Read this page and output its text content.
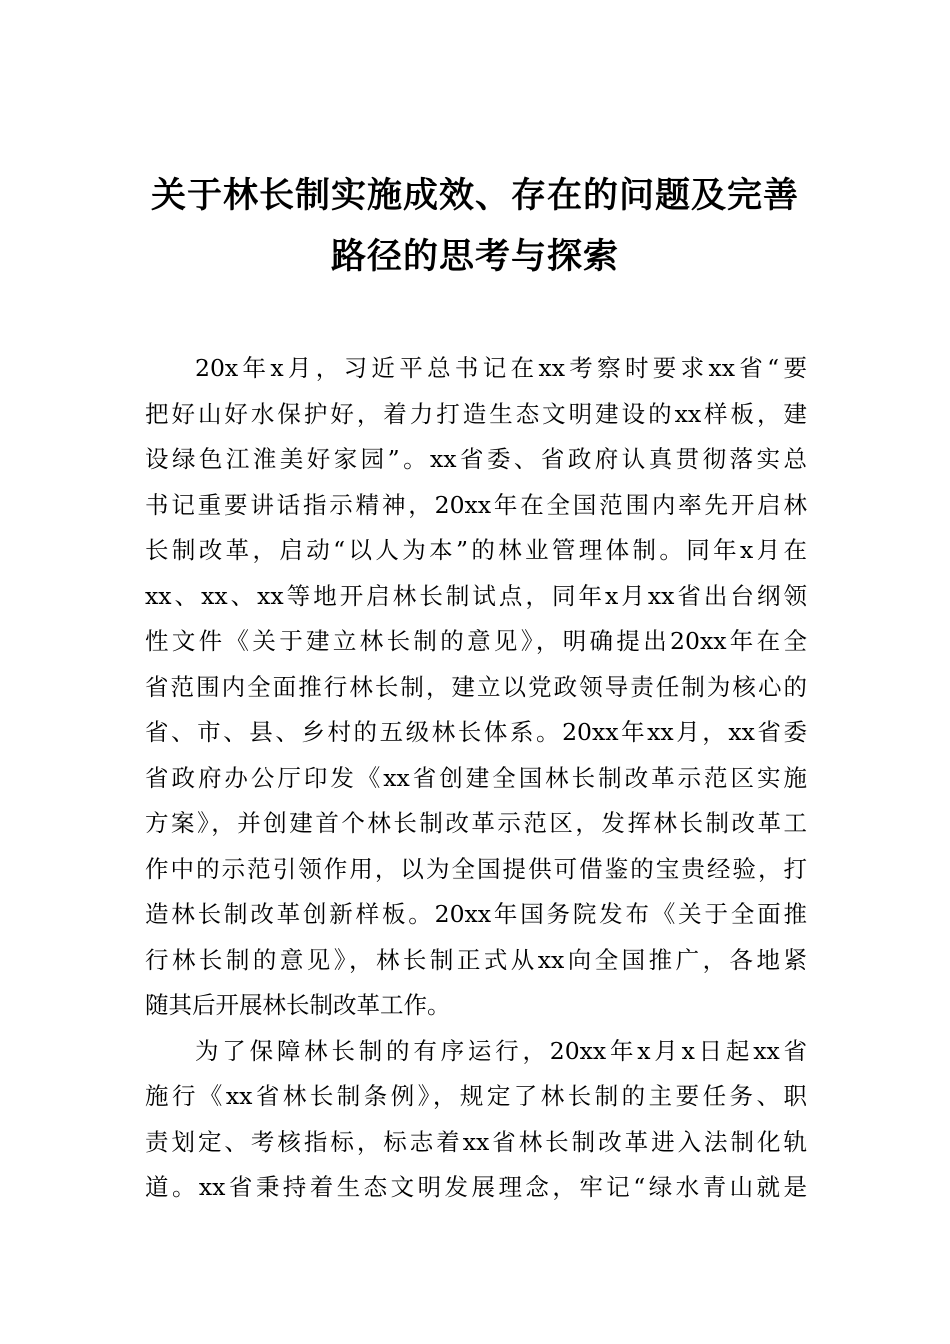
关于林长制实施成效、存在的问题及完善
路径的思考与探索
20x年x月，习近平总书记在xx考察时要求xx省“要
把好山好水保护好，着力打造生态文明建设的xx样板，建
设绿色江淮美好家园”。xx省委、省政府认真贯彻落实总
书记重要讲话指示精神，20xx年在全国范围内率先开启林
长制改革，启动“以人为本”的林业管理体制。同年x月在
xx、xx、xx等地开启林长制试点，同年x月xx省出台纲领
性文件《关于建立林长制的意见》，明确提出20xx年在全
省范围内全面推行林长制，建立以党政领导责任制为核心的
省、市、县、乡村的五级林长体系。20xx年xx月，xx省委
省政府办公厅印发《xx省创建全国林长制改革示范区实施
方案》，并创建首个林长制改革示范区，发挥林长制改革工
作中的示范引领作用，以为全国提供可借鉴的宝贵经验，打
造林长制改革创新样板。20xx年国务院发布《关于全面推
行林长制的意见》，林长制正式从xx向全国推广，各地紧
随其后开展林长制改革工作。
为了保障林长制的有序运行，20xx年x月x日起xx省
施行《xx省林长制条例》，规定了林长制的主要任务、职
责划定、考核指标，标志着xx省林长制改革进入法制化轨
道。xx省秉持着生态文明发展理念，牢记“绿水青山就是
